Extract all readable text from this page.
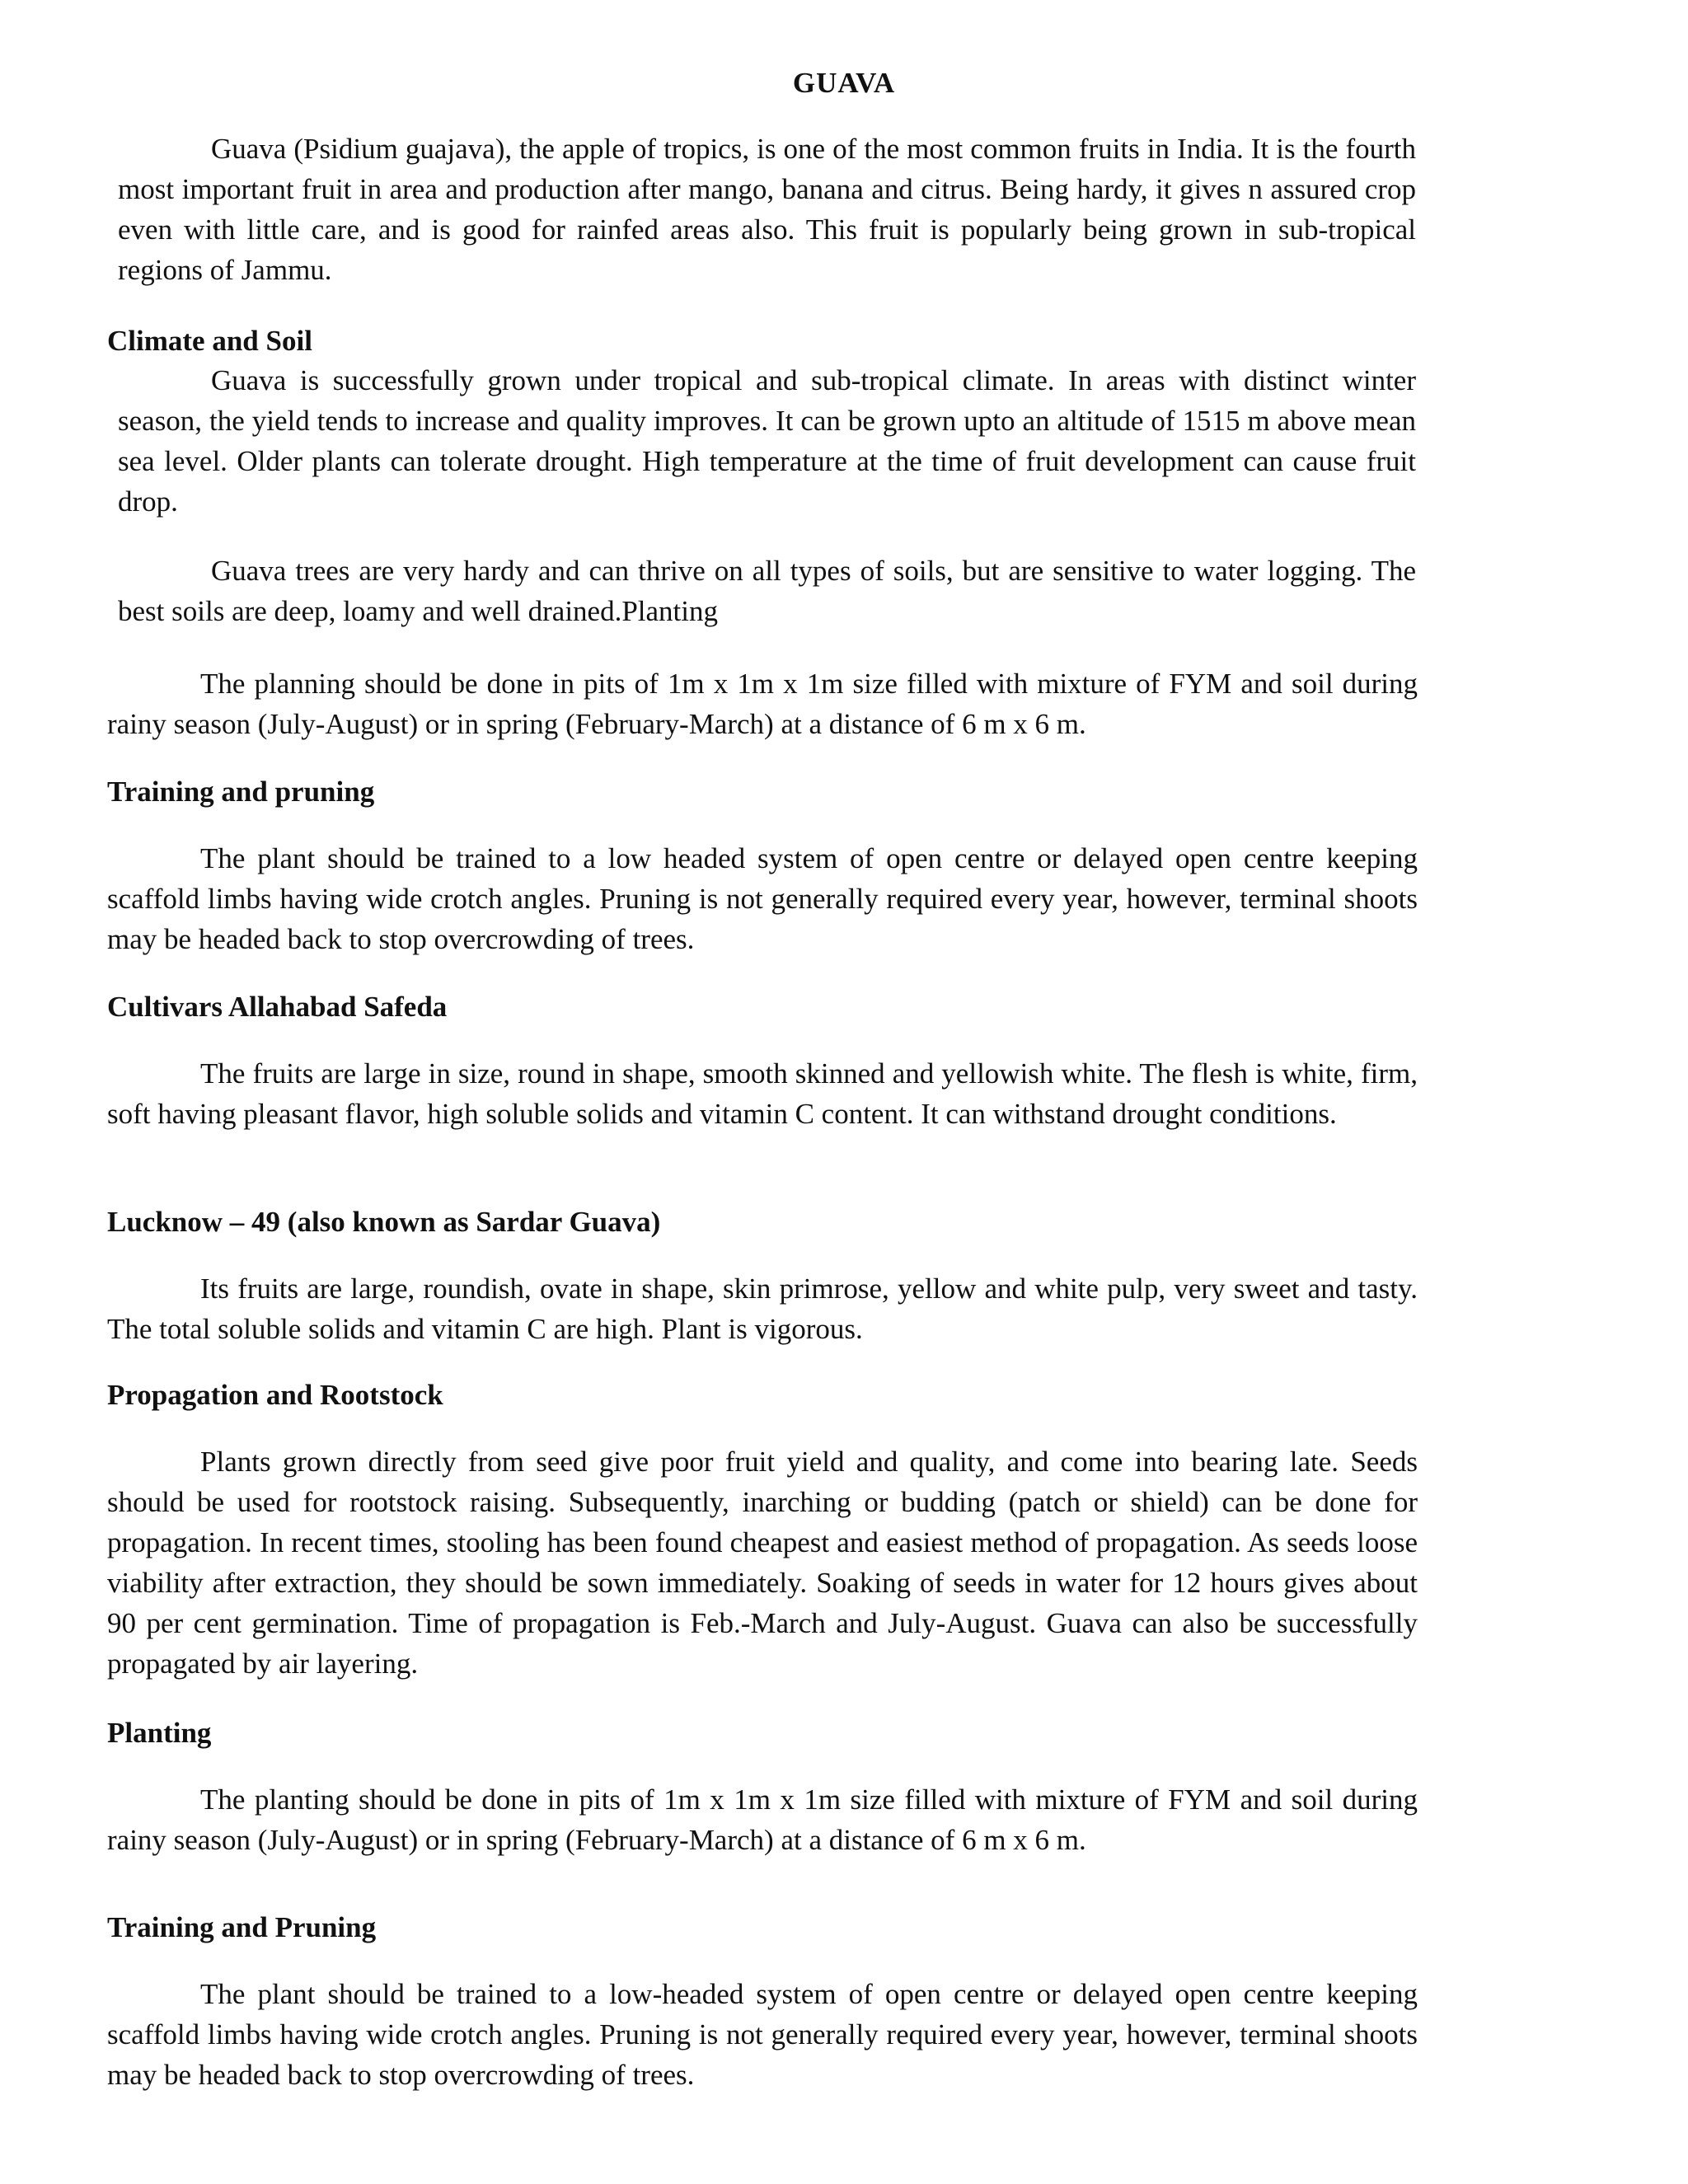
GUAVA

Guava (Psidium guajava), the apple of tropics, is one of the most common fruits in India. It is the fourth most important fruit in area and production after mango, banana and citrus. Being hardy, it gives n assured crop even with little care, and is good for rainfed areas also. This fruit is popularly being grown in sub-tropical regions of Jammu.

Climate and Soil

Guava is successfully grown under tropical and sub-tropical climate. In areas with distinct winter season, the yield tends to increase and quality improves. It can be grown upto an altitude of 1515 m above mean sea level. Older plants can tolerate drought. High temperature at the time of fruit development can cause fruit drop.

Guava trees are very hardy and can thrive on all types of soils, but are sensitive to water logging. The best soils are deep, loamy and well drained.Planting

The planning should be done in pits of 1m x 1m x 1m size filled with mixture of FYM and soil during rainy season (July-August) or in spring (February-March) at a distance of 6 m x 6 m.

Training and pruning

The plant should be trained to a low headed system of open centre or delayed open centre keeping scaffold limbs having wide crotch angles. Pruning is not generally required every year, however, terminal shoots may be headed back to stop overcrowding of trees.

Cultivars Allahabad Safeda

The fruits are large in size, round in shape, smooth skinned and yellowish white. The flesh is white, firm, soft having pleasant flavor, high soluble solids and vitamin C content. It can withstand drought conditions.

Lucknow – 49 (also known as Sardar Guava)

Its fruits are large, roundish, ovate in shape, skin primrose, yellow and white pulp, very sweet and tasty. The total soluble solids and vitamin C are high. Plant is vigorous.

Propagation and Rootstock

Plants grown directly from seed give poor fruit yield and quality, and come into bearing late. Seeds should be used for rootstock raising. Subsequently, inarching or budding (patch or shield) can be done for propagation. In recent times, stooling has been found cheapest and easiest method of propagation. As seeds loose viability after extraction, they should be sown immediately. Soaking of seeds in water for 12 hours gives about 90 per cent germination. Time of propagation is Feb.-March and July-August. Guava can also be successfully propagated by air layering.

Planting

The planting should be done in pits of 1m x 1m x 1m size filled with mixture of FYM and soil during rainy season (July-August) or in spring (February-March) at a distance of 6 m x 6 m.

Training and Pruning

The plant should be trained to a low-headed system of open centre or delayed open centre keeping scaffold limbs having wide crotch angles. Pruning is not generally required every year, however, terminal shoots may be headed back to stop overcrowding of trees.
